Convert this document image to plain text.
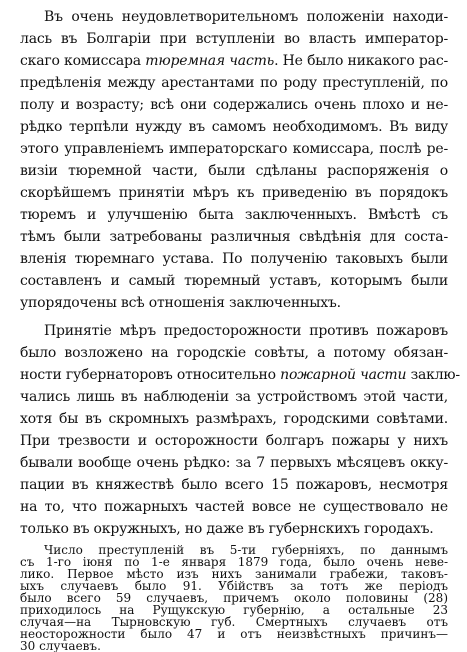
Въ очень неудовлетворительномъ положеніи находи-
лась въ Болгаріи при вступленіи во власть император-
скаго комиссара тюремная часть. Не было никакого рас-
предѣленія между арестантами по роду преступленій, по
полу и возрасту; всѣ они содержались очень плохо и не-
рѣдко терпѣли нужду въ самомъ необходимомъ. Въ виду
этого управленіемъ императорскаго комиссара, послѣ ре-
визіи тюремной части, были сдѣланы распоряженія о
скорѣйшемъ принятіи мѣръ къ приведенію въ порядокъ
тюремъ и улучшенію быта заключенныхъ. Вмѣстѣ съ
тѣмъ были затребованы различныя свѣдѣнія для соста-
вленія тюремнаго устава. По полученію таковыхъ были
составленъ и самый тюремный уставъ, которымъ были
упорядочены всѣ отношенія заключенныхъ.
Принятіе мѣръ предосторожности противъ пожаровъ
было возложено на городскіе совѣты, а потому обязан-
ности губернаторовъ относительно пожарной части заклю-
чались лишь въ наблюденіи за устройствомъ этой части,
хотя бы въ скромныхъ размѣрахъ, городскими совѣтами.
При трезвости и осторожности болгаръ пожары у нихъ
бывали вообще очень рѣдко: за 7 первыхъ мѣсяцевъ окку-
пации въ княжествѣ было всего 15 пожаровъ, несмотря
на то, что пожарныхъ частей вовсе не существовало не
только въ окружныхъ, но даже въ губернскихъ городахъ.
Число преступленій въ 5-ти губерніяхъ, по даннымъ
съ 1-го іюня по 1-е января 1879 года, было очень неве-
лико. Первое мѣсто изъ нихъ занимали грабежи, таковъ-
ыхъ случаевъ было 91. Убійствъ за тотъ же періодъ
было всего 59 случаевъ, причемъ около половины (28)
приходилось на Рущукскую губернію, а остальные 23
случая—на Тырновскую губ. Смертныхъ случаевъ отъ
неосторожности было 47 и отъ неизвѣстныхъ причинъ—
30 случаевъ.
